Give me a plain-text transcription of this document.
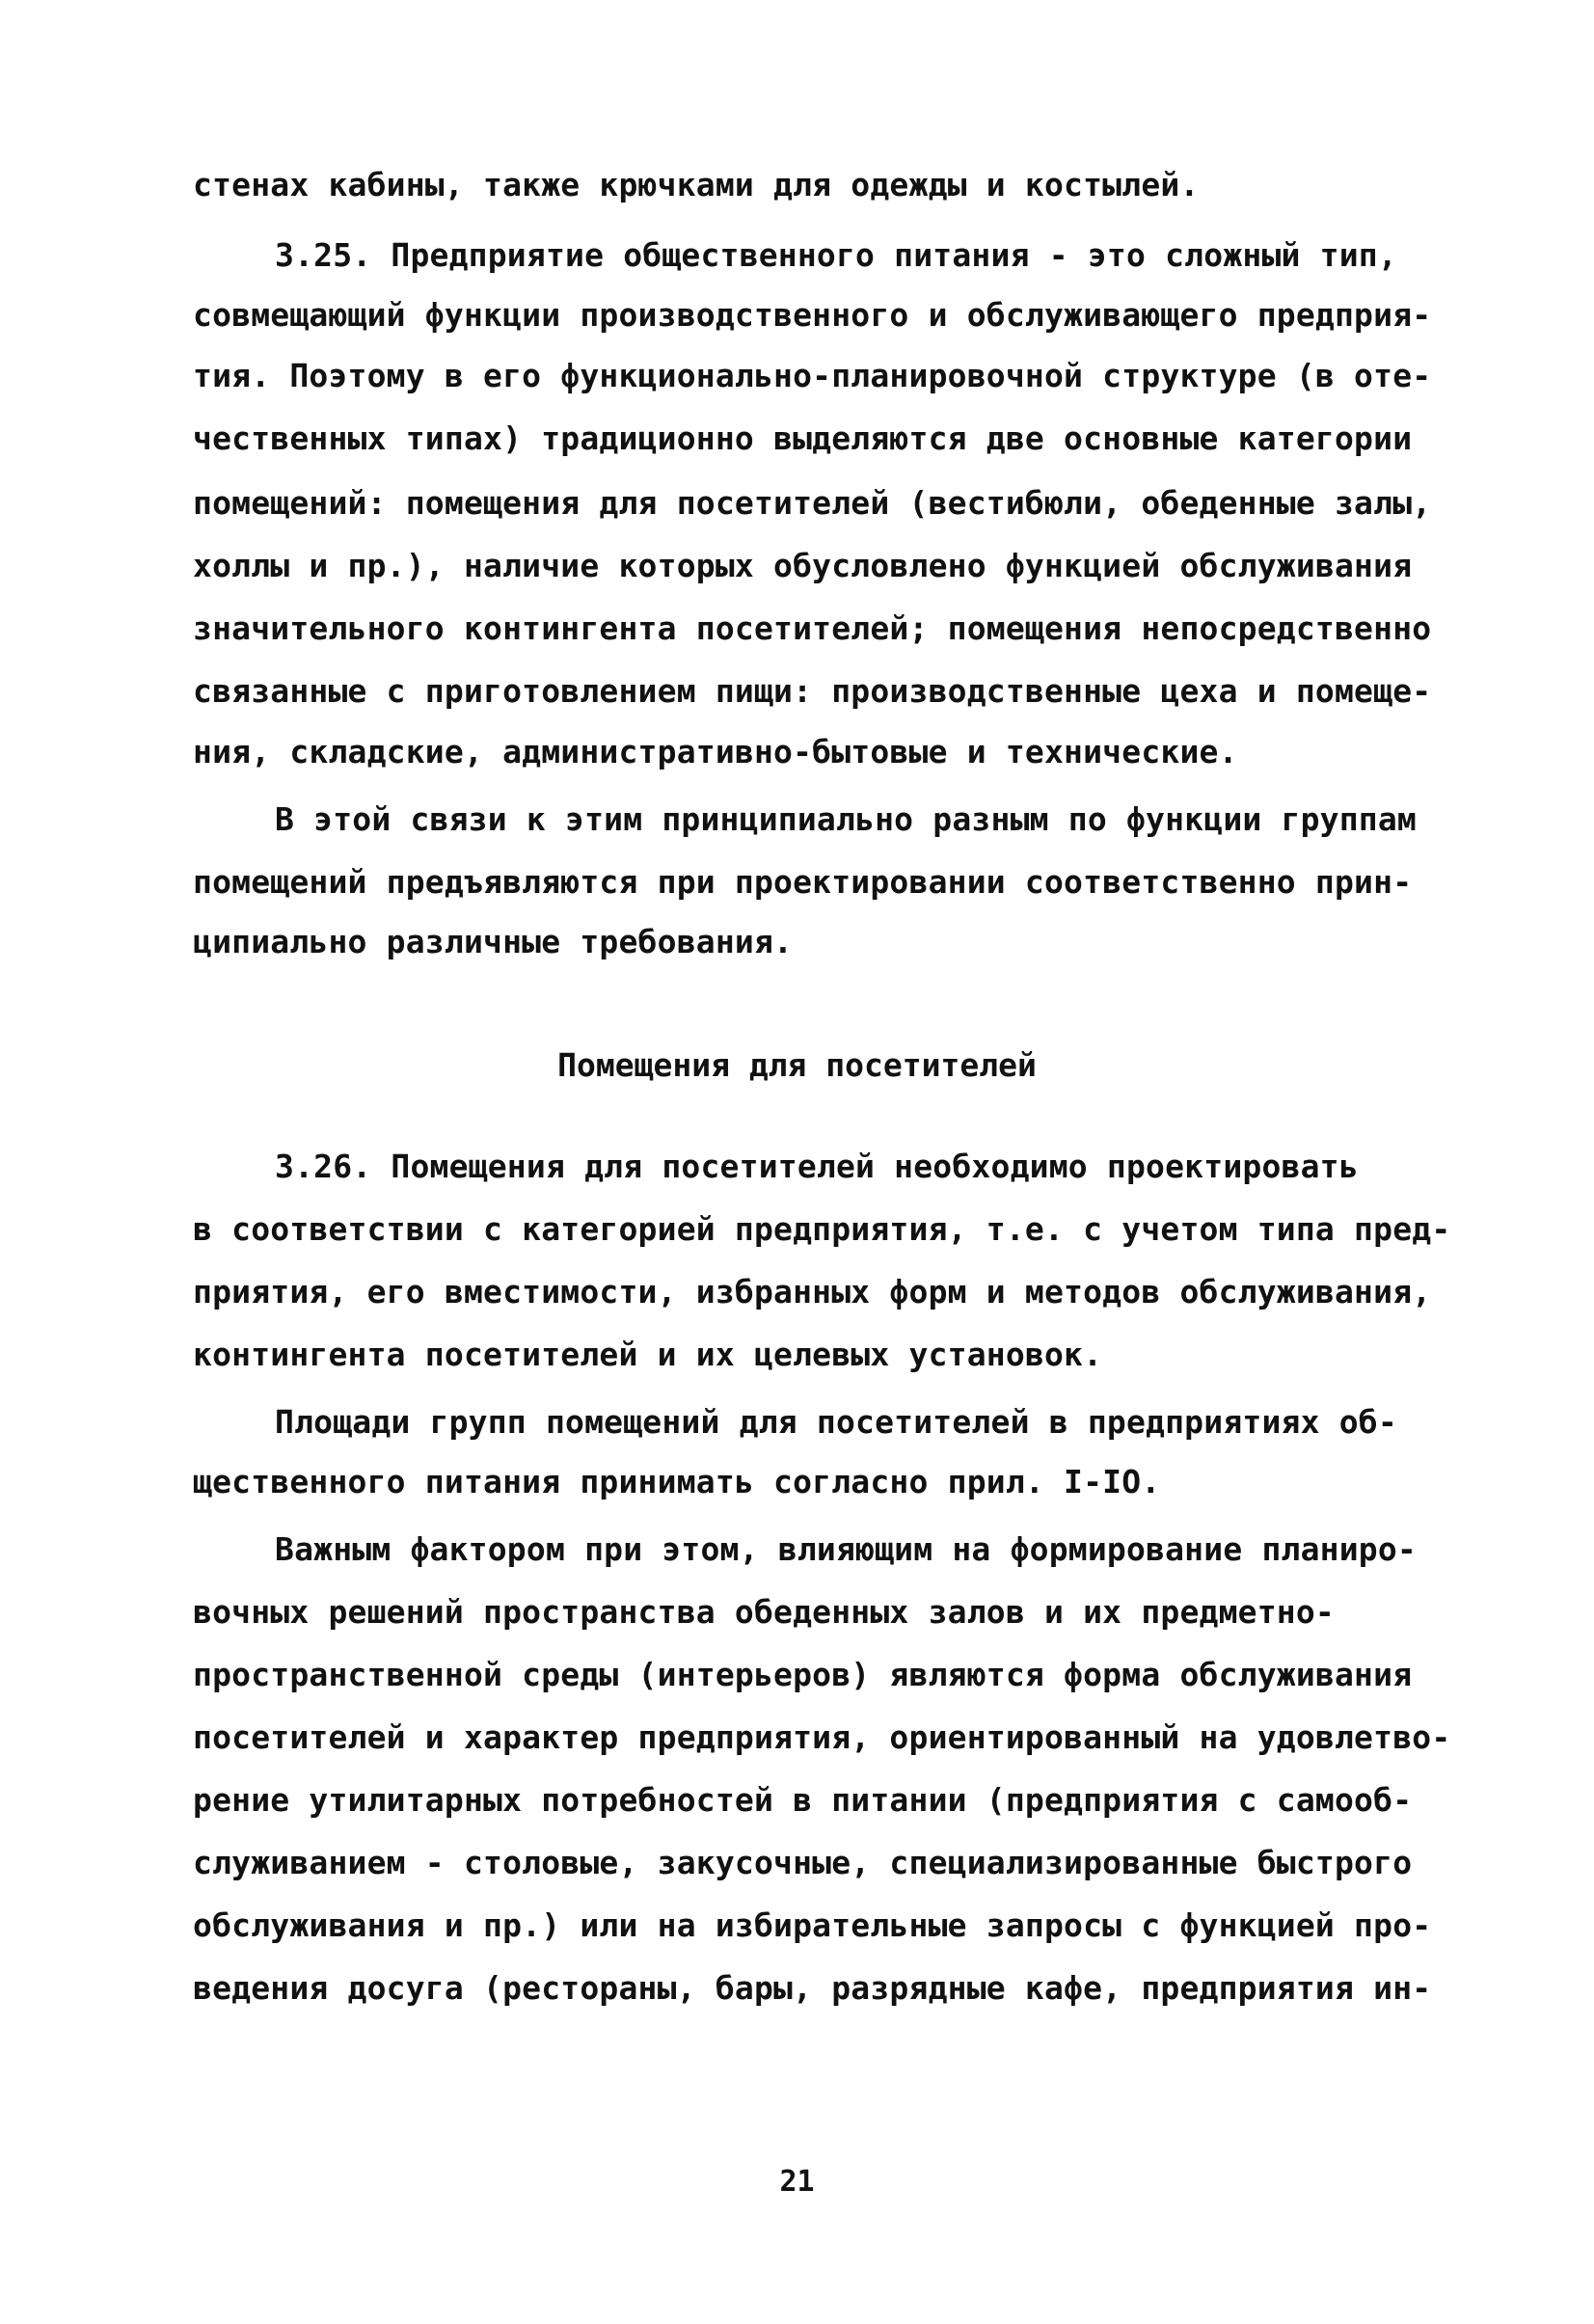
стенах кабины, также крючками для одежды и костылей.
3.25. Предприятие общественного питания - это сложный тип,
совмещающий функции производственного и обслуживающего предприя-
тия. Поэтому в его функционально-планировочной структуре (в оте-
чественных типах) традиционно выделяются две основные категории
помещений: помещения для посетителей (вестибюли, обеденные залы,
холлы и пр.), наличие которых обусловлено функцией обслуживания
значительного контингента посетителей; помещения непосредственно
связанные с приготовлением пищи: производственные цеха и помеще-
ния, складские, административно-бытовые и технические.
В этой связи к этим принципиально разным по функции группам
помещений предъявляются при проектировании соответственно прин-
ципиально различные требования.
Помещения для посетителей
3.26. Помещения для посетителей необходимо проектировать
в соответствии с категорией предприятия, т.е. с учетом типа пред-
приятия, его вместимости, избранных форм и методов обслуживания,
контингента посетителей и их целевых установок.
Площади групп помещений для посетителей в предприятиях об-
щественного питания принимать согласно прил. I-IO.
Важным фактором при этом, влияющим на формирование планиро-
вочных решений пространства обеденных залов и их предметно-
пространственной среды (интерьеров) являются форма обслуживания
посетителей и характер предприятия, ориентированный на удовлетво-
рение утилитарных потребностей в питании (предприятия с самооб-
служиванием - столовые, закусочные, специализированные быстрого
обслуживания и пр.) или на избирательные запросы с функцией про-
ведения досуга (рестораны, бары, разрядные кафе, предприятия ин-
21
